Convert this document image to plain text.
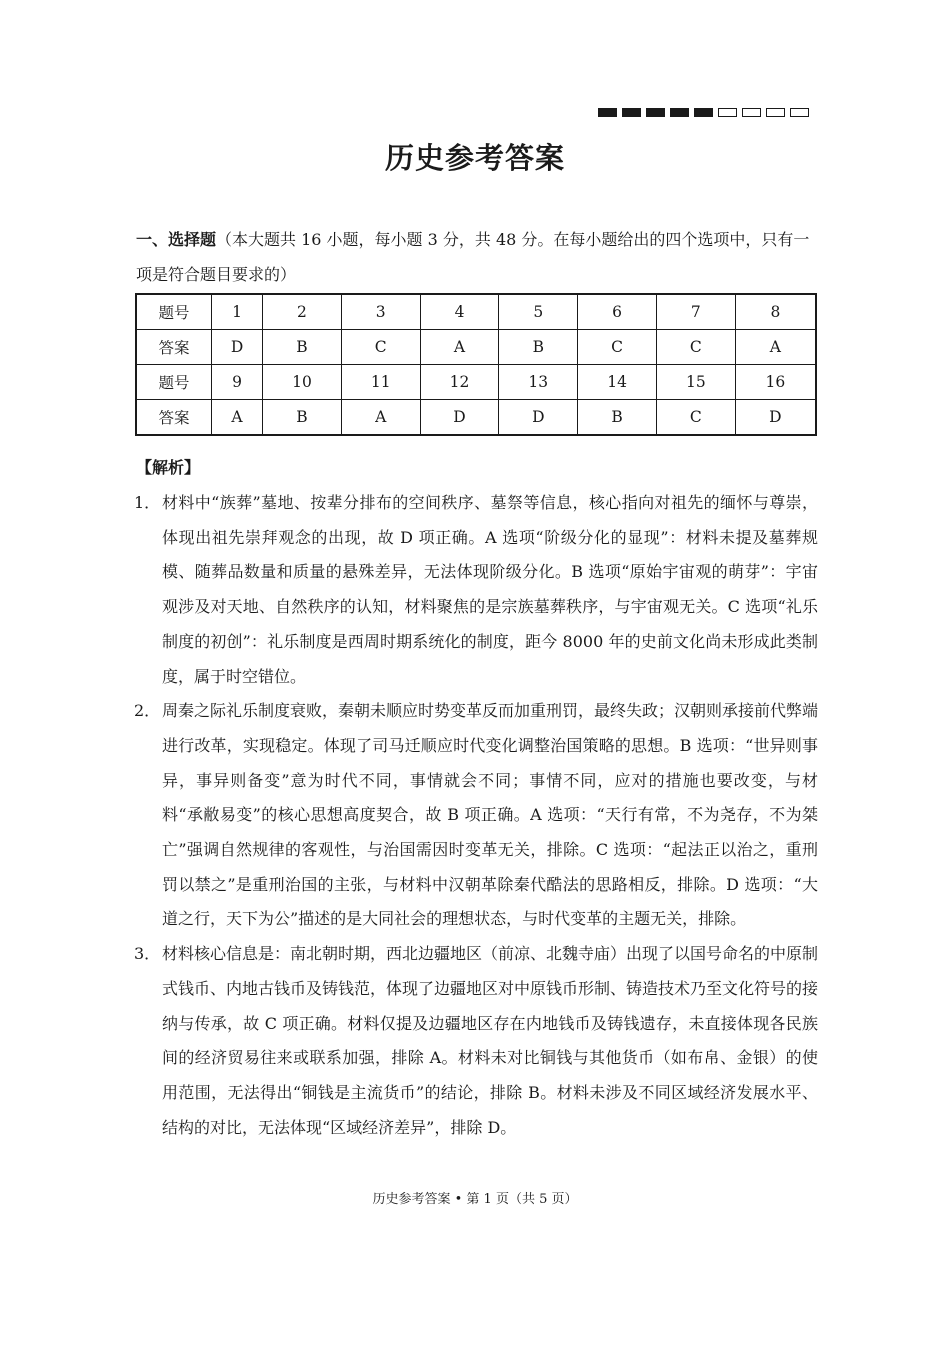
历史参考答案
一、选择题（本大题共 16 小题，每小题 3 分，共 48 分。在每小题给出的四个选项中，只有一项是符合题目要求的）
题号	1	2	3	4	5	6	7	8
答案	D	B	C	A	B	C	C	A
题号	9	10	11	12	13	14	15	16
答案	A	B	A	D	D	B	C	D
【解析】
1． 材料中“族葬”墓地、按辈分排布的空间秩序、墓祭等信息，核心指向对祖先的缅怀与尊崇，体现出祖先崇拜观念的出现，故 D 项正确。A 选项“阶级分化的显现”：材料未提及墓葬规模、随葬品数量和质量的悬殊差异，无法体现阶级分化。B 选项“原始宇宙观的萌芽”：宇宙观涉及对天地、自然秩序的认知，材料聚焦的是宗族墓葬秩序，与宇宙观无关。C 选项“礼乐制度的初创”：礼乐制度是西周时期系统化的制度，距今 8000 年的史前文化尚未形成此类制度，属于时空错位。
2． 周秦之际礼乐制度衰败，秦朝未顺应时势变革反而加重刑罚，最终失政；汉朝则承接前代弊端进行改革，实现稳定。体现了司马迁顺应时代变化调整治国策略的思想。B 选项：“世异则事异，事异则备变”意为时代不同，事情就会不同；事情不同，应对的措施也要改变，与材料“承敝易变”的核心思想高度契合，故 B 项正确。A 选项：“天行有常，不为尧存，不为桀亡”强调自然规律的客观性，与治国需因时变革无关，排除。C 选项：“起法正以治之，重刑罚以禁之”是重刑治国的主张，与材料中汉朝革除秦代酷法的思路相反，排除。D 选项：“大道之行，天下为公”描述的是大同社会的理想状态，与时代变革的主题无关，排除。
3． 材料核心信息是：南北朝时期，西北边疆地区（前凉、北魏寺庙）出现了以国号命名的中原制式钱币、内地古钱币及铸钱范，体现了边疆地区对中原钱币形制、铸造技术乃至文化符号的接纳与传承，故 C 项正确。材料仅提及边疆地区存在内地钱币及铸钱遗存，未直接体现各民族间的经济贸易往来或联系加强，排除 A。材料未对比铜钱与其他货币（如布帛、金银）的使用范围，无法得出“铜钱是主流货币”的结论，排除 B。材料未涉及不同区域经济发展水平、结构的对比，无法体现“区域经济差异”，排除 D。
历史参考答案 • 第 1 页（共 5 页）
